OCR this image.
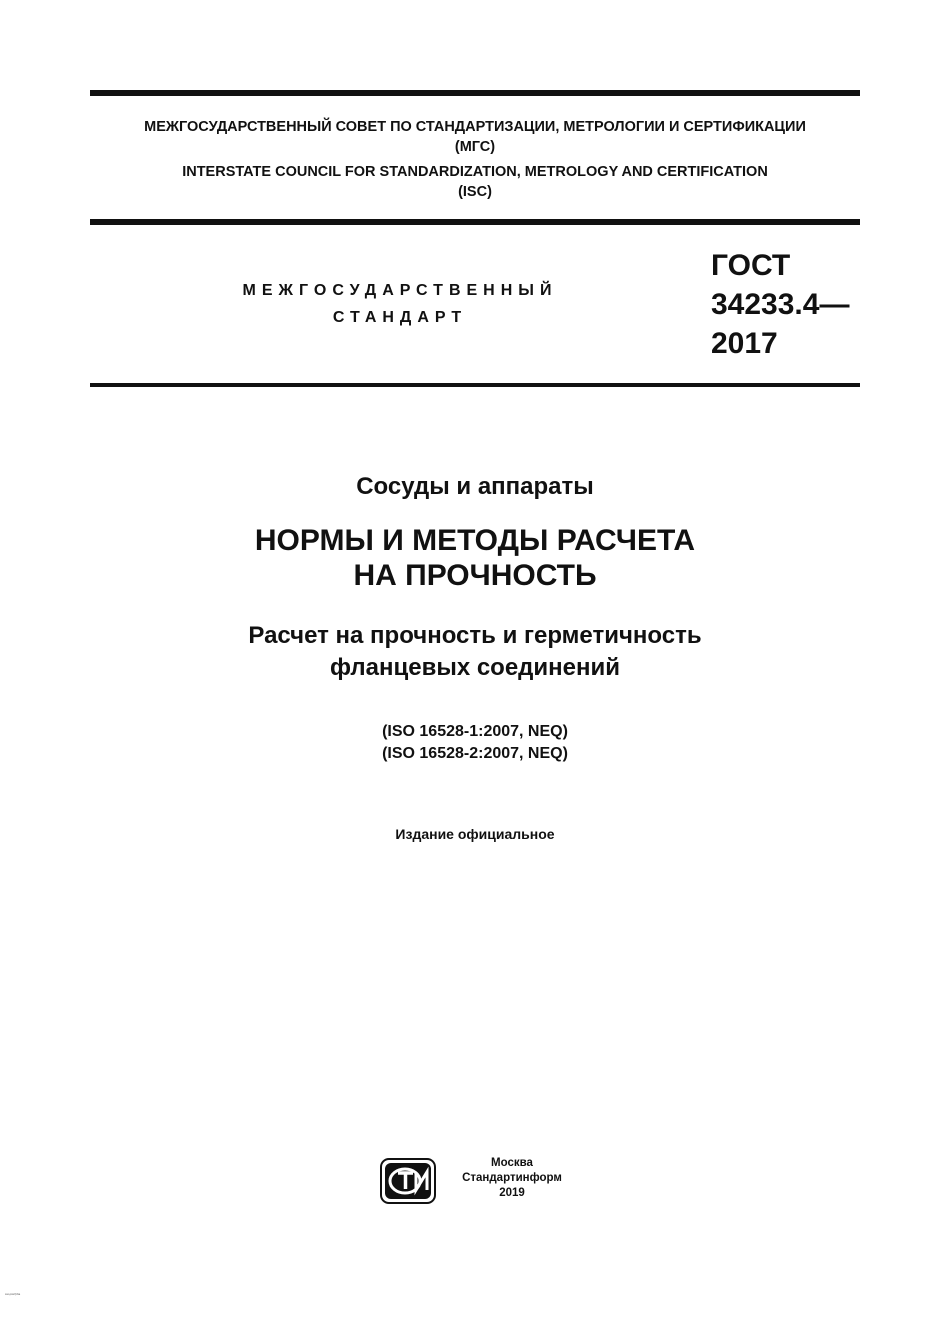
МЕЖГОСУДАРСТВЕННЫЙ СОВЕТ ПО СТАНДАРТИЗАЦИИ, МЕТРОЛОГИИ И СЕРТИФИКАЦИИ
(МГС)
INTERSTATE COUNCIL FOR STANDARDIZATION, METROLOGY AND CERTIFICATION
(ISC)
МЕЖГОСУДАРСТВЕННЫЙ
СТАНДАРТ
ГОСТ
34233.4—
2017
Сосуды и аппараты
НОРМЫ И МЕТОДЫ РАСЧЕТА
НА ПРОЧНОСТЬ
Расчет на прочность и герметичность
фланцевых соединений
(ISO 16528-1:2007, NEQ)
(ISO 16528-2:2007, NEQ)
Издание официальное
Москва
Стандартинформ
2019
ssi-p/w/(i/ta
